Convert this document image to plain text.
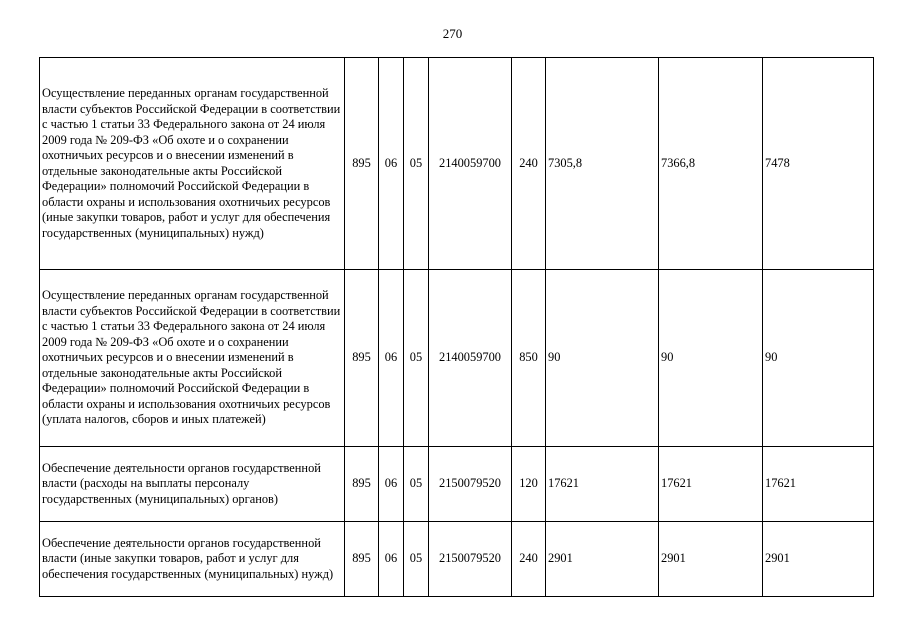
270
Осуществление переданных органам государственной власти субъектов Российской Федерации в соответствии с частью 1 статьи 33 Федерального закона от 24 июля 2009 года № 209-ФЗ «Об охоте и о сохранении охотничьих ресурсов и о внесении изменений в отдельные законодательные акты Российской Федерации» полномочий Российской Федерации в области охраны и использования охотничьих ресурсов (иные закупки товаров, работ и услуг для обеспечения государственных (муниципальных) нужд)	895	06	05	2140059700	240	7305,8	7366,8	7478
Осуществление переданных органам государственной власти субъектов Российской Федерации в соответствии с частью 1 статьи 33 Федерального закона от 24 июля 2009 года № 209-ФЗ «Об охоте и о сохранении охотничьих ресурсов и о внесении изменений в отдельные законодательные акты Российской Федерации» полномочий Российской Федерации в области охраны и использования охотничьих ресурсов (уплата налогов, сборов и иных платежей)	895	06	05	2140059700	850	90	90	90
Обеспечение деятельности органов государственной власти (расходы на выплаты персоналу государственных (муниципальных) органов)	895	06	05	2150079520	120	17621	17621	17621
Обеспечение деятельности органов государственной власти (иные закупки товаров, работ и услуг для обеспечения государственных (муниципальных) нужд)	895	06	05	2150079520	240	2901	2901	2901
